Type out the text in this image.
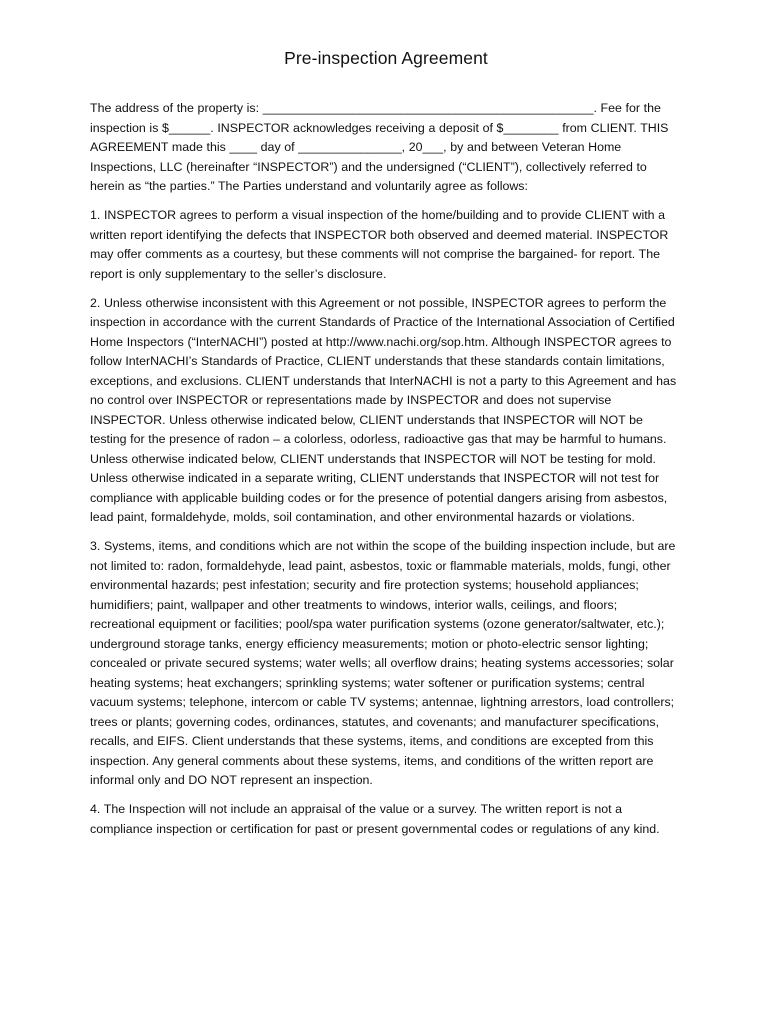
Pre-inspection Agreement

The address of the property is: ________________________________________________. Fee for the inspection is $______. INSPECTOR acknowledges receiving a deposit of $________ from CLIENT. THIS AGREEMENT made this ____ day of _______________, 20___, by and between Veteran Home Inspections, LLC (hereinafter “INSPECTOR”) and the undersigned (“CLIENT”), collectively referred to herein as “the parties.” The Parties understand and voluntarily agree as follows:

1. INSPECTOR agrees to perform a visual inspection of the home/building and to provide CLIENT with a written report identifying the defects that INSPECTOR both observed and deemed material. INSPECTOR may offer comments as a courtesy, but these comments will not comprise the bargained- for report. The report is only supplementary to the seller’s disclosure.

2. Unless otherwise inconsistent with this Agreement or not possible, INSPECTOR agrees to perform the inspection in accordance with the current Standards of Practice of the International Association of Certified Home Inspectors (“InterNACHI”) posted at http://www.nachi.org/sop.htm. Although INSPECTOR agrees to follow InterNACHI’s Standards of Practice, CLIENT understands that these standards contain limitations, exceptions, and exclusions. CLIENT understands that InterNACHI is not a party to this Agreement and has no control over INSPECTOR or representations made by INSPECTOR and does not supervise INSPECTOR. Unless otherwise indicated below, CLIENT understands that INSPECTOR will NOT be testing for the presence of radon – a colorless, odorless, radioactive gas that may be harmful to humans. Unless otherwise indicated below, CLIENT understands that INSPECTOR will NOT be testing for mold. Unless otherwise indicated in a separate writing, CLIENT understands that INSPECTOR will not test for compliance with applicable building codes or for the presence of potential dangers arising from asbestos, lead paint, formaldehyde, molds, soil contamination, and other environmental hazards or violations.

3. Systems, items, and conditions which are not within the scope of the building inspection include, but are not limited to: radon, formaldehyde, lead paint, asbestos, toxic or flammable materials, molds, fungi, other environmental hazards; pest infestation; security and fire protection systems; household appliances; humidifiers; paint, wallpaper and other treatments to windows, interior walls, ceilings, and floors; recreational equipment or facilities; pool/spa water purification systems (ozone generator/saltwater, etc.); underground storage tanks, energy efficiency measurements; motion or photo-electric sensor lighting; concealed or private secured systems; water wells; all overflow drains; heating systems accessories; solar heating systems; heat exchangers; sprinkling systems; water softener or purification systems; central vacuum systems; telephone, intercom or cable TV systems; antennae, lightning arrestors, load controllers; trees or plants; governing codes, ordinances, statutes, and covenants; and manufacturer specifications, recalls, and EIFS. Client understands that these systems, items, and conditions are excepted from this inspection. Any general comments about these systems, items, and conditions of the written report are informal only and DO NOT represent an inspection.

4. The Inspection will not include an appraisal of the value or a survey. The written report is not a compliance inspection or certification for past or present governmental codes or regulations of any kind.
